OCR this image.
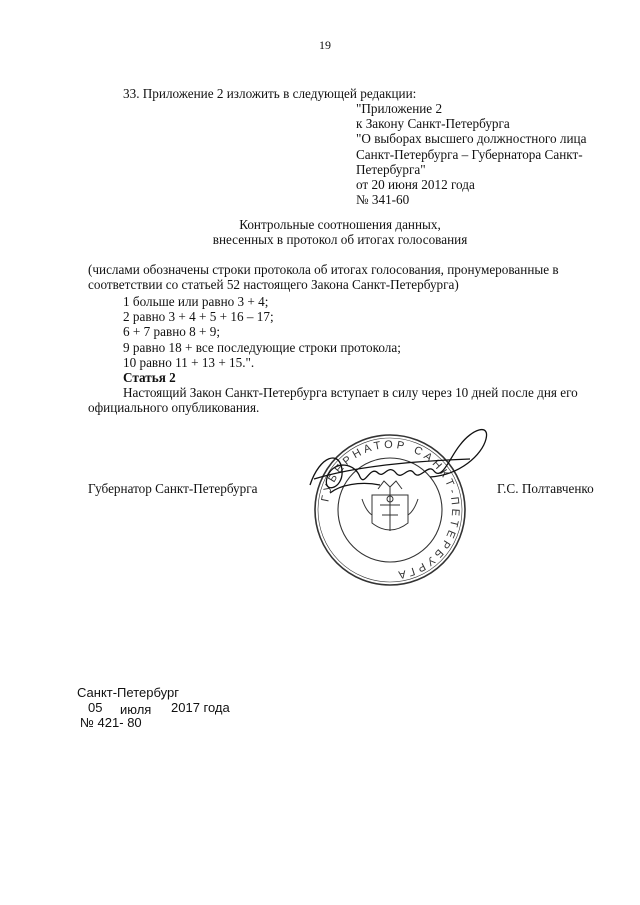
19
33. Приложение 2 изложить в следующей редакции:
"Приложение 2
к Закону Санкт-Петербурга
"О выборах высшего должностного лица
Санкт-Петербурга – Губернатора Санкт-
Петербурга"
от 20 июня 2012 года
№ 341-60
Контрольные соотношения данных,
внесенных в протокол об итогах голосования
(числами обозначены строки протокола об итогах голосования, пронумерованные в
соответствии со статьей 52 настоящего Закона Санкт-Петербурга)
1 больше или равно 3 + 4;
2 равно 3 + 4 + 5 + 16 – 17;
6 + 7 равно 8 + 9;
9 равно 18 + все последующие строки протокола;
10 равно 11 + 13 + 15.".
Статья 2
Настоящий Закон Санкт-Петербурга вступает в силу через 10 дней после дня его
официального опубликования.
Губернатор Санкт-Петербурга	Г.С. Полтавченко
ГУБЕРНАТОР САНКТ-ПЕТЕРБУРГА
Санкт-Петербург
05 июля 2017 года
№ 421- 80
